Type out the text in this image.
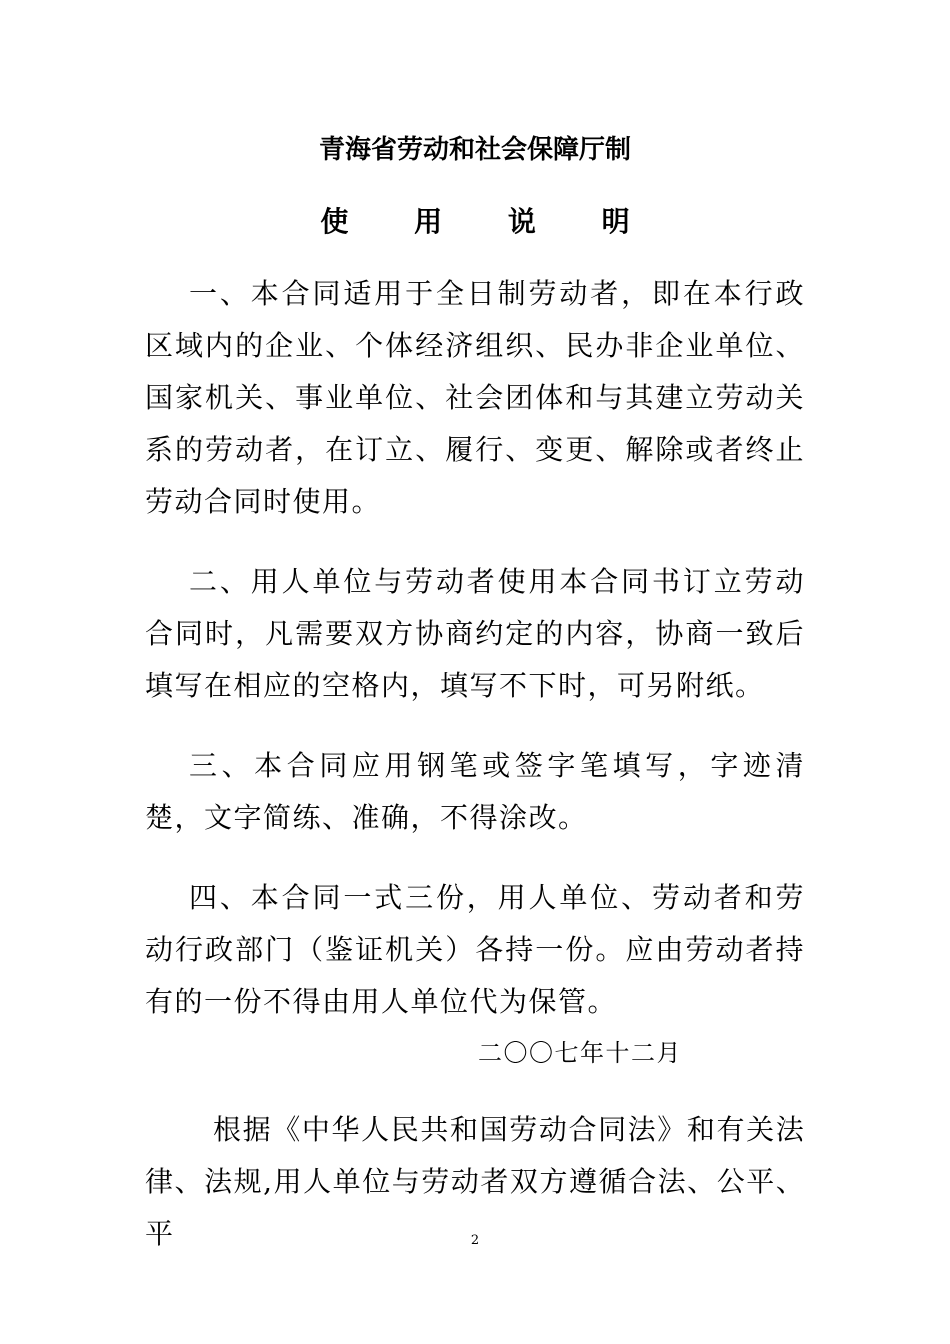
青海省劳动和社会保障厅制
使 用 说 明

一、本合同适用于全日制劳动者，即在本行政区域内的企业、个体经济组织、民办非企业单位、国家机关、事业单位、社会团体和与其建立劳动关系的劳动者，在订立、履行、变更、解除或者终止劳动合同时使用。

二、用人单位与劳动者使用本合同书订立劳动合同时，凡需要双方协商约定的内容，协商一致后填写在相应的空格内，填写不下时，可另附纸。

三、本合同应用钢笔或签字笔填写，字迹清楚，文字简练、准确，不得涂改。

四、本合同一式三份，用人单位、劳动者和劳动行政部门（鉴证机关）各持一份。应由劳动者持有的一份不得由用人单位代为保管。

二〇〇七年十二月

根据《中华人民共和国劳动合同法》和有关法律、法规,用人单位与劳动者双方遵循合法、公平、平	2
